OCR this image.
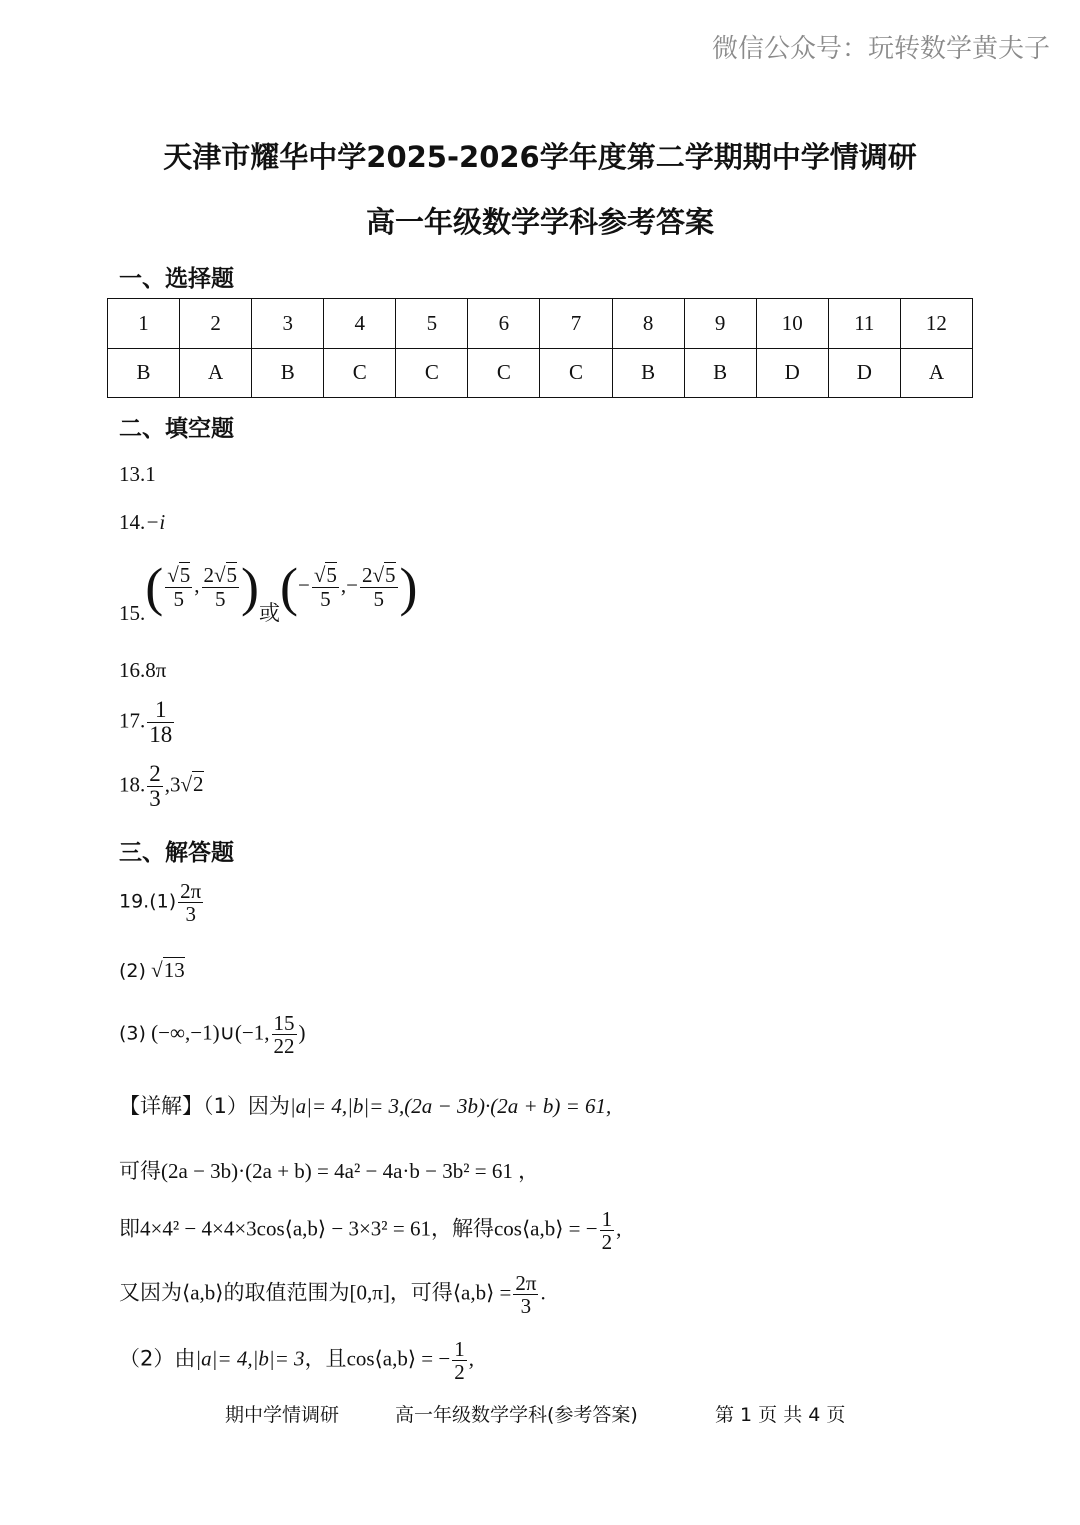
微信公众号：玩转数学黄夫子
天津市耀华中学2025-2026学年度第二学期期中学情调研
高一年级数学学科参考答案
一、选择题
1	2	3	4	5	6	7	8	9	10	11	12
B	A	B	C	C	C	C	B	B	D	D	A
二、填空题
13.1
14.−i
$15.( \frac{√5}{5}$ , $\frac{2√5}{5}$ )或(− $\frac{√5}{5}$ ,− $\frac{2√5}{5}$ )
16.8π
17. $\frac{1}{18}$
18. $\frac{2}{3} ,3√2$
三、解答题
$19.(1) \frac{2\pi}{3}$
(2) √13
(3) (−∞,−1)∪(−1, $\frac{15}{22}$ )
【详解】（1）因为|a|= 4,|b|= 3,(2a − 3b)·(2a + b) = 61,
可得(2a − 3b)·(2a + b) = 4a² − 4a·b − 3b² = 61 ，
即4×4² − 4×4×3cos⟨a,b⟩ − 3×3² = 61，解得cos⟨a,b⟩ = − $\frac{1}{2}$ ,
又因为⟨a,b⟩的取值范围为[0,π]，可得⟨a,b⟩ = $\frac{2\pi}{3}$ .
（2）由|a|= 4,|b|= 3，且cos⟨a,b⟩ = − $\frac{1}{2}$ ,
期中学情调研	高一年级数学学科(参考答案)	第 1 页 共 4 页
